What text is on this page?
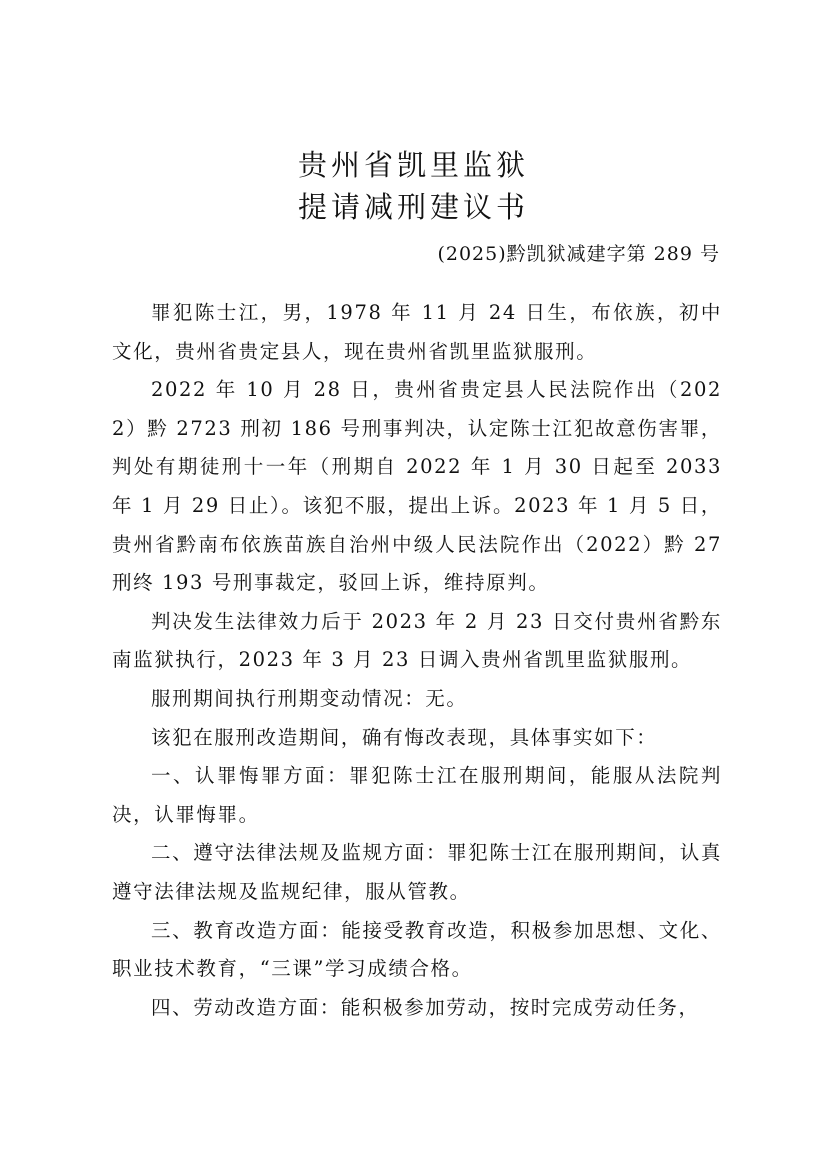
贵州省凯里监狱
提请减刑建议书
(2025)黔凯狱减建字第 289 号

罪犯陈士江，男，1978 年 11 月 24 日生，布依族，初中文化，贵州省贵定县人，现在贵州省凯里监狱服刑。

2022 年 10 月 28 日，贵州省贵定县人民法院作出（2022）黔 2723 刑初 186 号刑事判决，认定陈士江犯故意伤害罪，判处有期徒刑十一年（刑期自 2022 年 1 月 30 日起至 2033 年 1 月 29 日止）。该犯不服，提出上诉。2023 年 1 月 5 日，贵州省黔南布依族苗族自治州中级人民法院作出（2022）黔 27 刑终 193 号刑事裁定，驳回上诉，维持原判。

判决发生法律效力后于 2023 年 2 月 23 日交付贵州省黔东南监狱执行，2023 年 3 月 23 日调入贵州省凯里监狱服刑。

服刑期间执行刑期变动情况：无。

该犯在服刑改造期间，确有悔改表现，具体事实如下：

一、认罪悔罪方面：罪犯陈士江在服刑期间，能服从法院判决，认罪悔罪。

二、遵守法律法规及监规方面：罪犯陈士江在服刑期间，认真遵守法律法规及监规纪律，服从管教。

三、教育改造方面：能接受教育改造，积极参加思想、文化、职业技术教育，“三课”学习成绩合格。

四、劳动改造方面：能积极参加劳动，按时完成劳动任务，
